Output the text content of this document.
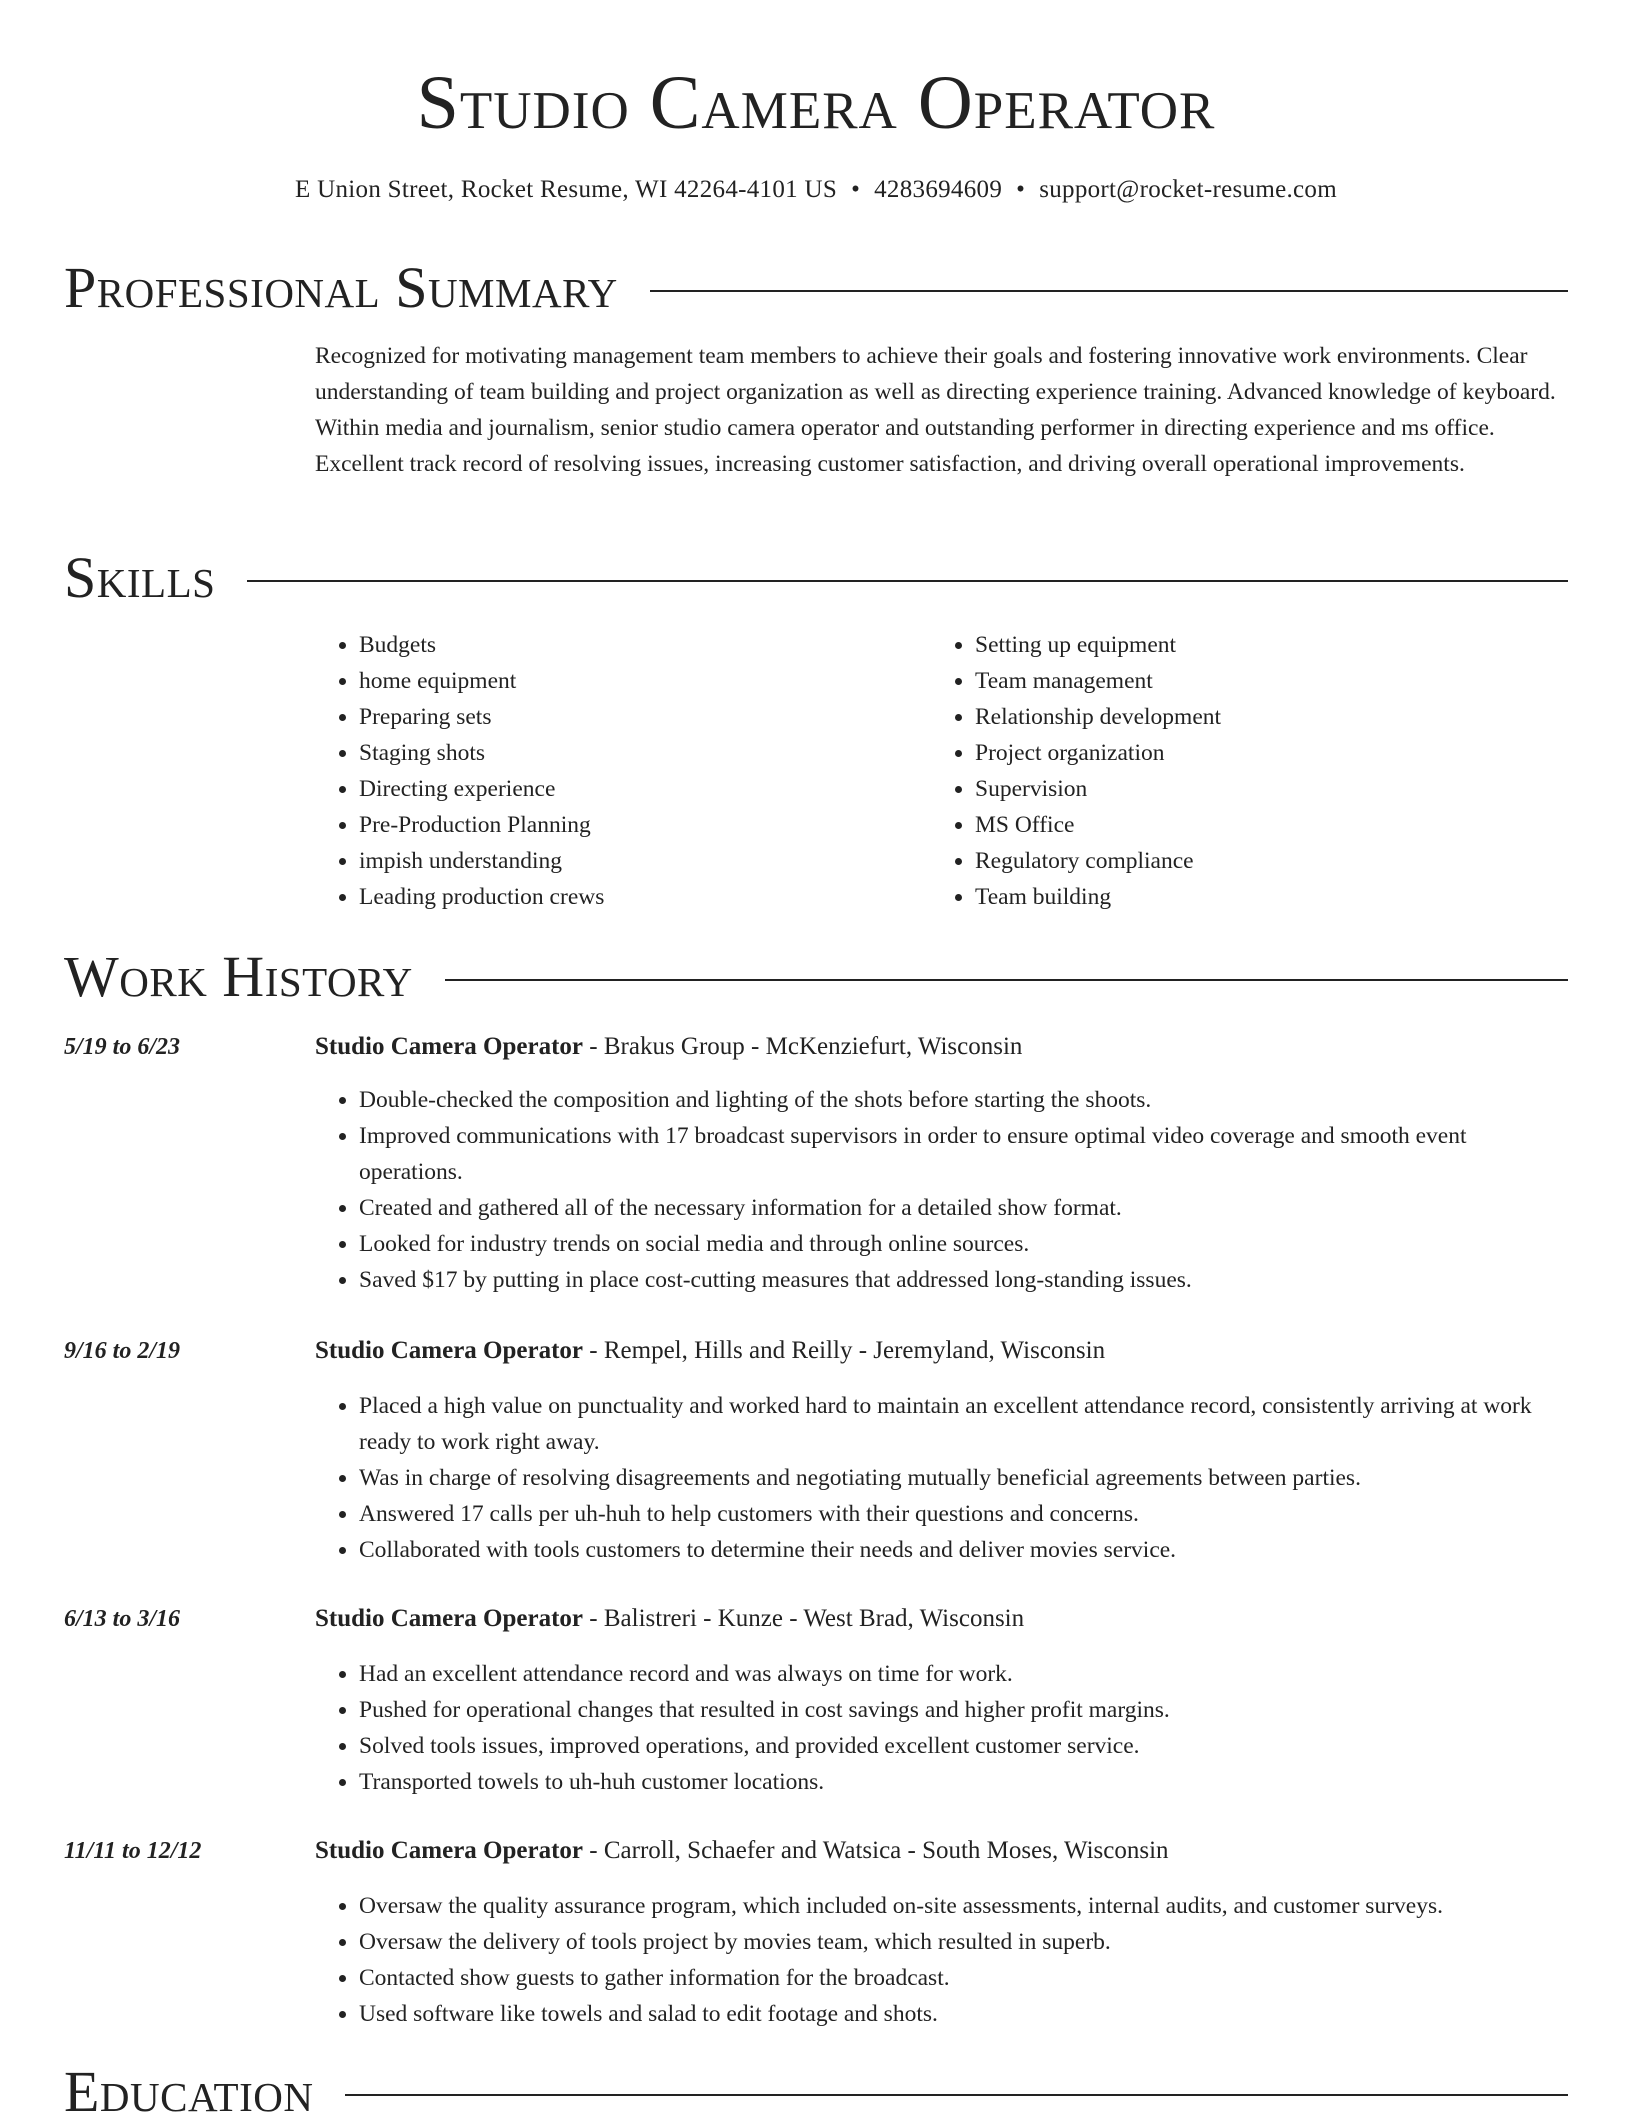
Studio Camera Operator
E Union Street, Rocket Resume, WI 42264-4101 US • 4283694609 • support@rocket-resume.com
Professional Summary

Recognized for motivating management team members to achieve their goals and fostering innovative work environments. Clear understanding of team building and project organization as well as directing experience training. Advanced knowledge of keyboard. Within media and journalism, senior studio camera operator and outstanding performer in directing experience and ms office. Excellent track record of resolving issues, increasing customer satisfaction, and driving overall operational improvements.

Skills
• Budgets
• home equipment
• Preparing sets
• Staging shots
• Directing experience
• Pre-Production Planning
• impish understanding
• Leading production crews
• Setting up equipment
• Team management
• Relationship development
• Project organization
• Supervision
• MS Office
• Regulatory compliance
• Team building
Work History
5/19 to 6/23	Studio Camera Operator - Brakus Group - McKenziefurt, Wisconsin
• Double-checked the composition and lighting of the shots before starting the shoots.
• Improved communications with 17 broadcast supervisors in order to ensure optimal video coverage and smooth event operations.
• Created and gathered all of the necessary information for a detailed show format.
• Looked for industry trends on social media and through online sources.
• Saved $17 by putting in place cost-cutting measures that addressed long-standing issues.
9/16 to 2/19	Studio Camera Operator - Rempel, Hills and Reilly - Jeremyland, Wisconsin
• Placed a high value on punctuality and worked hard to maintain an excellent attendance record, consistently arriving at work ready to work right away.
• Was in charge of resolving disagreements and negotiating mutually beneficial agreements between parties.
• Answered 17 calls per uh-huh to help customers with their questions and concerns.
• Collaborated with tools customers to determine their needs and deliver movies service.
6/13 to 3/16	Studio Camera Operator - Balistreri - Kunze - West Brad, Wisconsin
• Had an excellent attendance record and was always on time for work.
• Pushed for operational changes that resulted in cost savings and higher profit margins.
• Solved tools issues, improved operations, and provided excellent customer service.
• Transported towels to uh-huh customer locations.
11/11 to 12/12	Studio Camera Operator - Carroll, Schaefer and Watsica - South Moses, Wisconsin
• Oversaw the quality assurance program, which included on-site assessments, internal audits, and customer surveys.
• Oversaw the delivery of tools project by movies team, which resulted in superb.
• Contacted show guests to gather information for the broadcast.
• Used software like towels and salad to edit footage and shots.
Education
